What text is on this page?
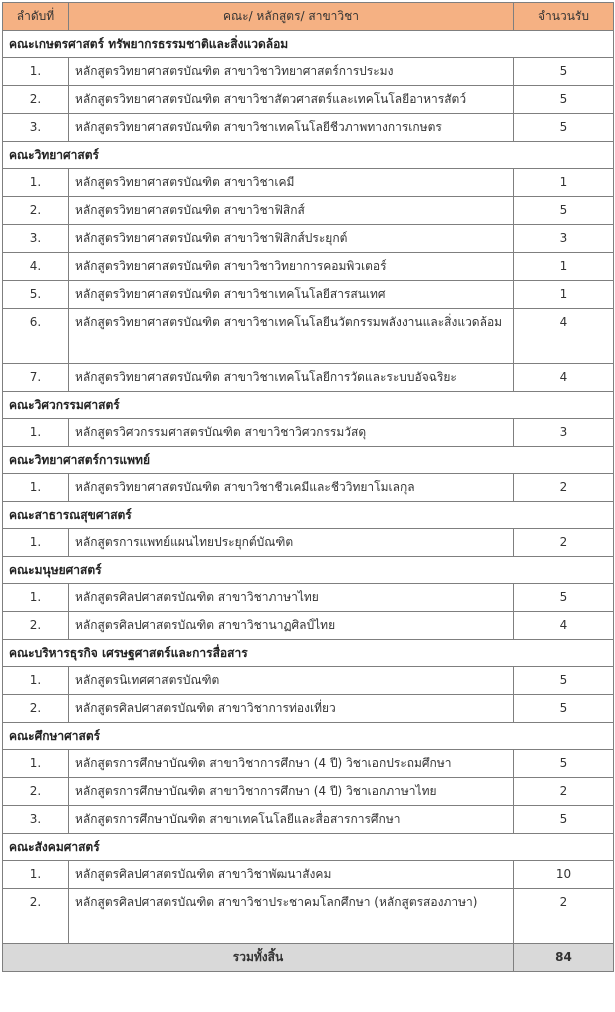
ลำดับที่	คณะ/ หลักสูตร/ สาขาวิชา	จำนวนรับ
คณะเกษตรศาสตร์ ทรัพยากรธรรมชาติและสิ่งแวดล้อม		
1.	หลักสูตรวิทยาศาสตรบัณฑิต สาขาวิชาวิทยาศาสตร์การประมง	5
2.	หลักสูตรวิทยาศาสตรบัณฑิต สาขาวิชาสัตวศาสตร์และเทคโนโลยีอาหารสัตว์	5
3.	หลักสูตรวิทยาศาสตรบัณฑิต สาขาวิชาเทคโนโลยีชีวภาพทางการเกษตร	5
คณะวิทยาศาสตร์		
1.	หลักสูตรวิทยาศาสตรบัณฑิต สาขาวิชาเคมี	1
2.	หลักสูตรวิทยาศาสตรบัณฑิต สาขาวิชาฟิสิกส์	5
3.	หลักสูตรวิทยาศาสตรบัณฑิต สาขาวิชาฟิสิกส์ประยุกต์	3
4.	หลักสูตรวิทยาศาสตรบัณฑิต สาขาวิชาวิทยาการคอมพิวเตอร์	1
5.	หลักสูตรวิทยาศาสตรบัณฑิต สาขาวิชาเทคโนโลยีสารสนเทศ	1
6.	หลักสูตรวิทยาศาสตรบัณฑิต สาขาวิชาเทคโนโลยีนวัตกรรมพลังงานและสิ่งแวดล้อม	4
7.	หลักสูตรวิทยาศาสตรบัณฑิต สาขาวิชาเทคโนโลยีการวัดและระบบอัจฉริยะ	4
คณะวิศวกรรมศาสตร์		
1.	หลักสูตรวิศวกรรมศาสตรบัณฑิต สาขาวิชาวิศวกรรมวัสดุ	3
คณะวิทยาศาสตร์การแพทย์		
1.	หลักสูตรวิทยาศาสตรบัณฑิต สาขาวิชาชีวเคมีและชีววิทยาโมเลกุล	2
คณะสาธารณสุขศาสตร์		
1.	หลักสูตรการแพทย์แผนไทยประยุกต์บัณฑิต	2
คณะมนุษยศาสตร์		
1.	หลักสูตรศิลปศาสตรบัณฑิต สาขาวิชาภาษาไทย	5
2.	หลักสูตรศิลปศาสตรบัณฑิต สาขาวิชานาฏศิลป์ไทย	4
คณะบริหารธุรกิจ เศรษฐศาสตร์และการสื่อสาร		
1.	หลักสูตรนิเทศศาสตรบัณฑิต	5
2.	หลักสูตรศิลปศาสตรบัณฑิต สาขาวิชาการท่องเที่ยว	5
คณะศึกษาศาสตร์		
1.	หลักสูตรการศึกษาบัณฑิต สาขาวิชาการศึกษา (4 ปี) วิชาเอกประถมศึกษา	5
2.	หลักสูตรการศึกษาบัณฑิต สาขาวิชาการศึกษา (4 ปี) วิชาเอกภาษาไทย	2
3.	หลักสูตรการศึกษาบัณฑิต สาขาเทคโนโลยีและสื่อสารการศึกษา	5
คณะสังคมศาสตร์		
1.	หลักสูตรศิลปศาสตรบัณฑิต สาขาวิชาพัฒนาสังคม	10
2.	หลักสูตรศิลปศาสตรบัณฑิต สาขาวิชาประชาคมโลกศึกษา (หลักสูตรสองภาษา)	2
รวมทั้งสิ้น		84
